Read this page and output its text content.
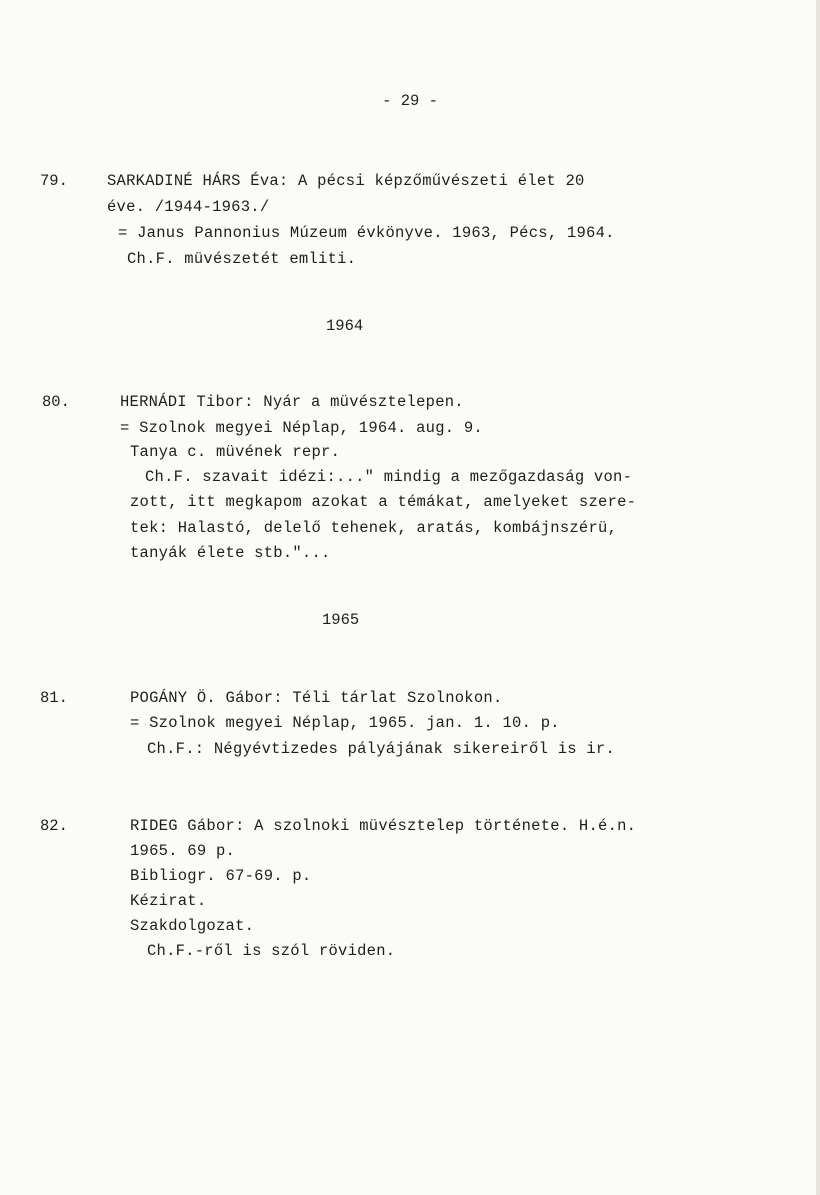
- 29 -
79.	SARKADINÉ HÁRS Éva: A pécsi képzőművészeti élet 20
éve. /1944-1963./
= Janus Pannonius Múzeum évkönyve. 1963, Pécs, 1964.
Ch.F. müvészetét emliti.
1964
80.	HERNÁDI Tibor: Nyár a müvésztelepen.
= Szolnok megyei Néplap, 1964. aug. 9.
Tanya c. müvének repr.
Ch.F. szavait idézi:..." mindig a mezőgazdaság von-
zott, itt megkapom azokat a témákat, amelyeket szere-
tek: Halastó, delelő tehenek, aratás, kombájnszérü,
tanyák élete stb."...
1965
81.	POGÁNY Ö. Gábor: Téli tárlat Szolnokon.
= Szolnok megyei Néplap, 1965. jan. 1. 10. p.
Ch.F.: Négyévtizedes pályájának sikereiről is ir.
82.	RIDEG Gábor: A szolnoki müvésztelep története. H.é.n.
1965. 69 p.
Bibliogr. 67-69. p.
Kézirat.
Szakdolgozat.
Ch.F.-ről is szól röviden.
